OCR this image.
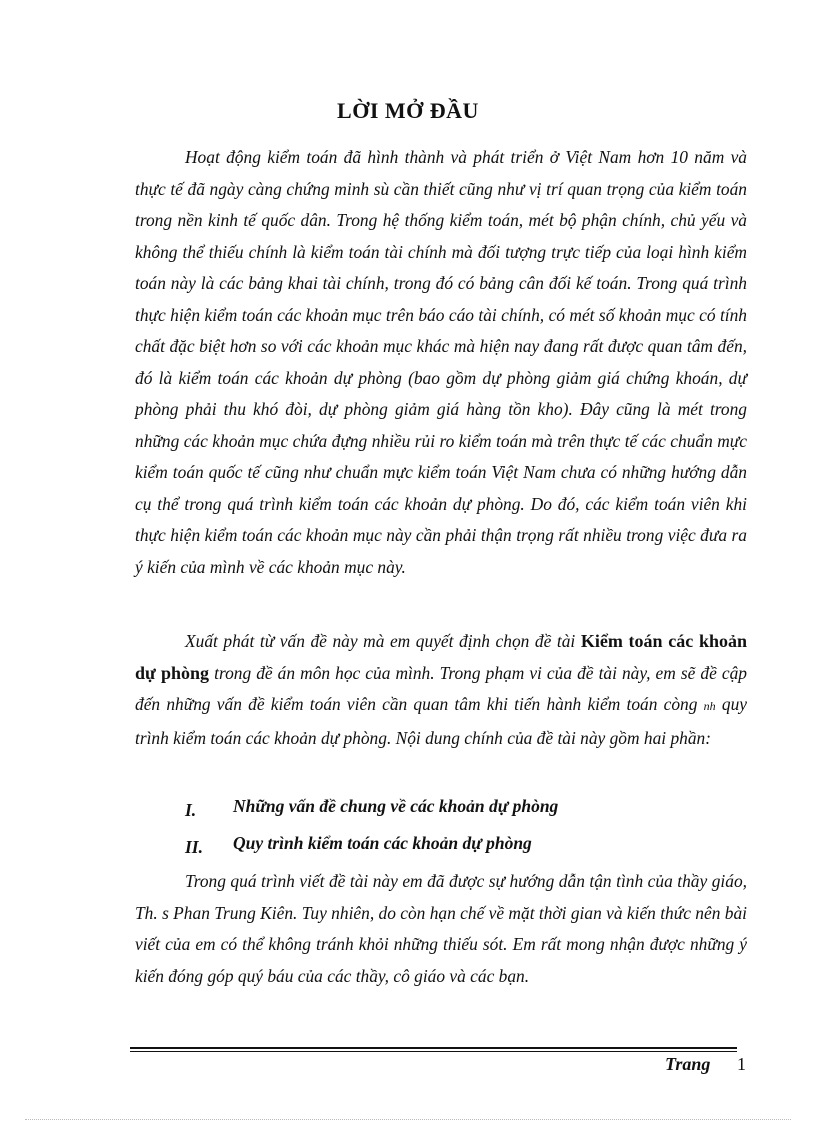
LỜI MỞ ĐẦU

Hoạt động kiểm toán đã hình thành và phát triển ở Việt Nam hơn 10 năm và thực tế đã ngày càng chứng minh sù cần thiết cũng như vị trí quan trọng của kiểm toán trong nền kinh tế quốc dân. Trong hệ thống kiểm toán, mét bộ phận chính, chủ yếu và không thể thiếu chính là kiểm toán tài chính mà đối tượng trực tiếp của loại hình kiểm toán này là các bảng khai tài chính, trong đó có bảng cân đối kế toán. Trong quá trình thực hiện kiểm toán các khoản mục trên báo cáo tài chính, có mét số khoản mục có tính chất đặc biệt hơn so với các khoản mục khác mà hiện nay đang rất được quan tâm đến, đó là kiểm toán các khoản dự phòng (bao gồm dự phòng giảm giá chứng khoán, dự phòng phải thu khó đòi, dự phòng giảm giá hàng tồn kho). Đây cũng là mét trong những các khoản mục chứa đựng nhiều rủi ro kiểm toán mà trên thực tế các chuẩn mực kiểm toán quốc tế cũng như chuẩn mực kiểm toán Việt Nam chưa có những hướng dẫn cụ thể trong quá trình kiểm toán các khoản dự phòng. Do đó, các kiểm toán viên khi thực hiện kiểm toán các khoản mục này cần phải thận trọng rất nhiều trong việc đưa ra ý kiến của mình về các khoản mục này.

Xuất phát từ vấn đề này mà em quyết định chọn đề tài Kiểm toán các khoản dự phòng trong đề án môn học của mình. Trong phạm vi của đề tài này, em sẽ đề cập đến những vấn đề kiểm toán viên cần quan tâm khi tiến hành kiểm toán còng nh quy trình kiểm toán các khoản dự phòng. Nội dung chính của đề tài này gồm hai phần:

I.	Những vấn đề chung về các khoản dự phòng
II.	Quy trình kiểm toán các khoản dự phòng

Trong quá trình viết đề tài này em đã được sự hướng dẫn tận tình của thầy giáo, Th. s Phan Trung Kiên. Tuy nhiên, do còn hạn chế về mặt thời gian và kiến thức nên bài viết của em có thể không tránh khỏi những thiếu sót. Em rất mong nhận được những ý kiến đóng góp quý báu của các thầy, cô giáo và các bạn.

Trang 1
